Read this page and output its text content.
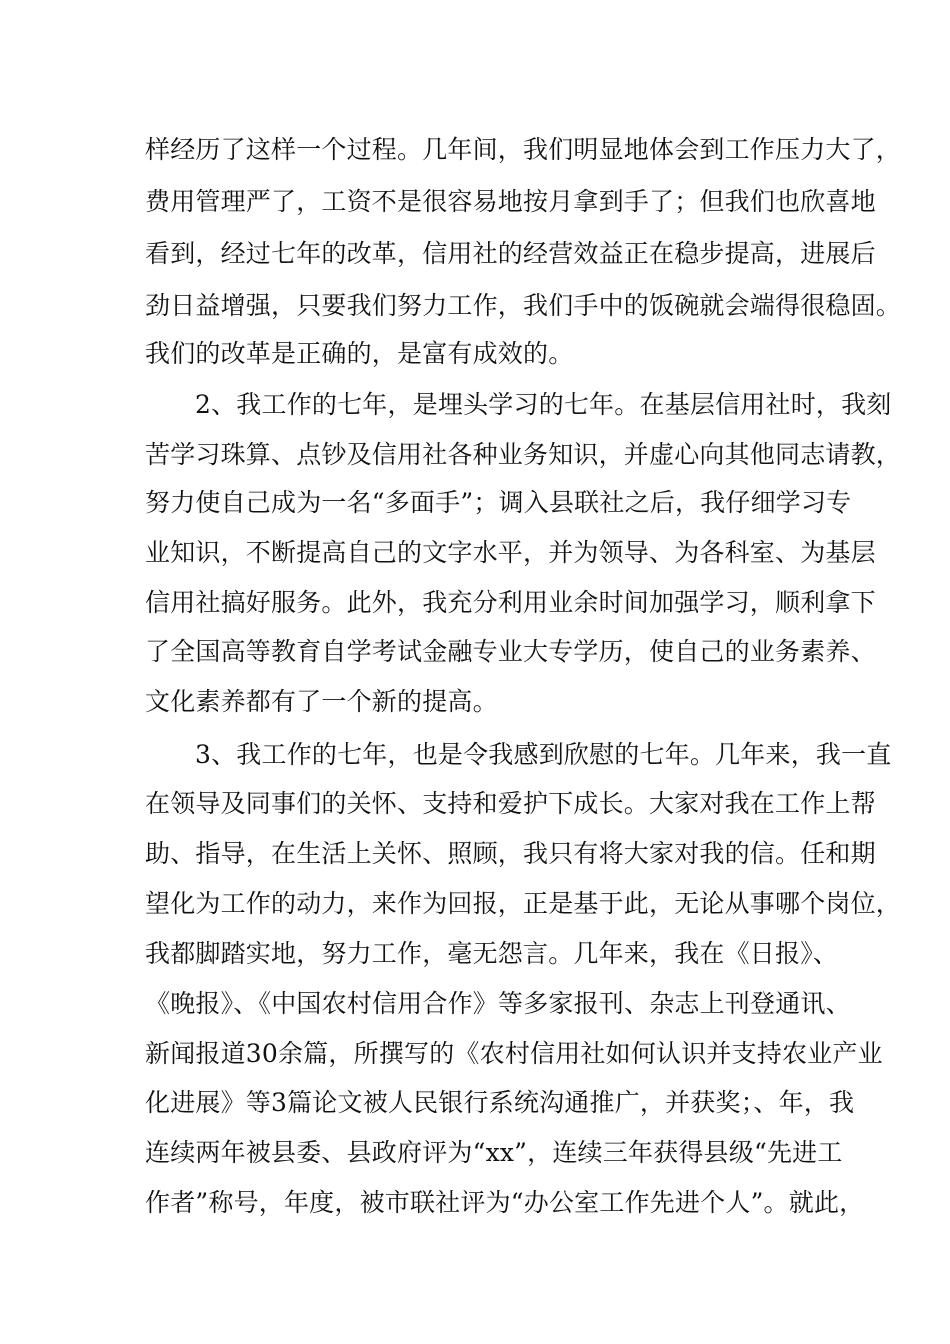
样经历了这样一个过程。几年间，我们明显地体会到工作压力大了，
费用管理严了，工资不是很容易地按月拿到手了；但我们也欣喜地
看到，经过七年的改革，信用社的经营效益正在稳步提高，进展后
劲日益增强，只要我们努力工作，我们手中的饭碗就会端得很稳固。
我们的改革是正确的，是富有成效的。
2、我工作的七年，是埋头学习的七年。在基层信用社时，我刻
苦学习珠算、点钞及信用社各种业务知识，并虚心向其他同志请教，
努力使自己成为一名“多面手”；调入县联社之后，我仔细学习专
业知识，不断提高自己的文字水平，并为领导、为各科室、为基层
信用社搞好服务。此外，我充分利用业余时间加强学习，顺利拿下
了全国高等教育自学考试金融专业大专学历，使自己的业务素养、
文化素养都有了一个新的提高。
3、我工作的七年，也是令我感到欣慰的七年。几年来，我一直
在领导及同事们的关怀、支持和爱护下成长。大家对我在工作上帮
助、指导，在生活上关怀、照顾，我只有将大家对我的信。任和期
望化为工作的动力，来作为回报，正是基于此，无论从事哪个岗位，
我都脚踏实地，努力工作，毫无怨言。几年来，我在《日报》、
《晚报》、《中国农村信用合作》等多家报刊、杂志上刊登通讯、
新闻报道30余篇，所撰写的《农村信用社如何认识并支持农业产业
化进展》等3篇论文被人民银行系统沟通推广，并获奖；、年，我
连续两年被县委、县政府评为“xx”，连续三年获得县级“先进工
作者”称号，年度，被市联社评为“办公室工作先进个人”。就此，
